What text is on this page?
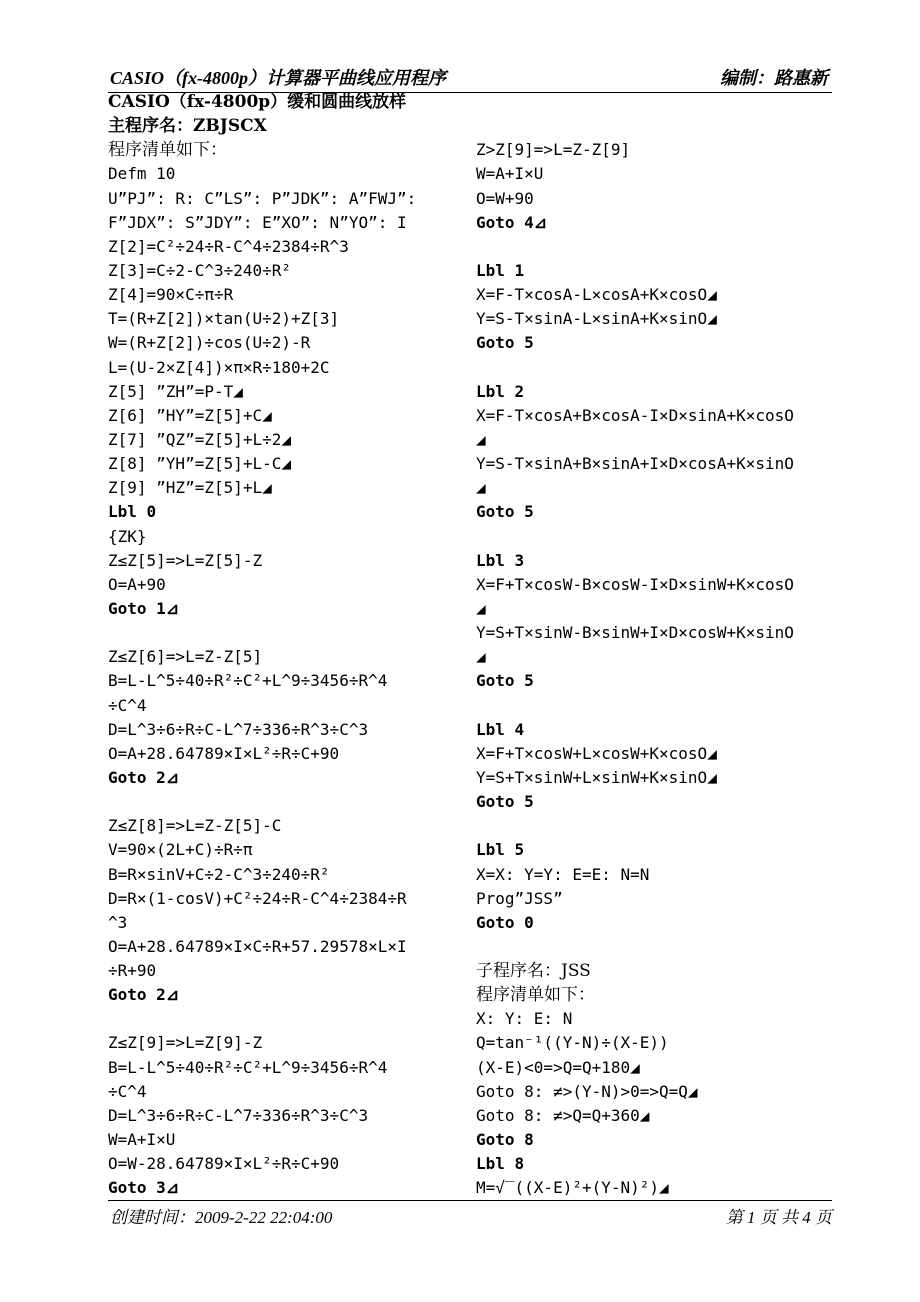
CASIO（fx-4800p）计算器平曲线应用程序	编制：路惠新
CASIO（fx-4800p）缓和圆曲线放样
主程序名：ZBJSCX
程序清单如下：
Defm 10
U”PJ”: R: C”LS”: P”JDK”: A”FWJ”:
F”JDX”: S”JDY”: E”XO”: N”YO”: I
Z[2]=C²÷24÷R-C^4÷2384÷R^3
Z[3]=C÷2-C^3÷240÷R²
Z[4]=90×C÷π÷R
T=(R+Z[2])×tan(U÷2)+Z[3]
W=(R+Z[2])÷cos(U÷2)-R
L=(U-2×Z[4])×π×R÷180+2C
Z[5] ”ZH”=P-T◢
Z[6] ”HY”=Z[5]+C◢
Z[7] ”QZ”=Z[5]+L÷2◢
Z[8] ”YH”=Z[5]+L-C◢
Z[9] ”HZ”=Z[5]+L◢
Lbl 0
{ZK}
Z≤Z[5]=>L=Z[5]-Z
O=A+90
Goto 1⊿
Z≤Z[6]=>L=Z-Z[5]
B=L-L^5÷40÷R²÷C²+L^9÷3456÷R^4
÷C^4
D=L^3÷6÷R÷C-L^7÷336÷R^3÷C^3
O=A+28.64789×I×L²÷R÷C+90
Goto 2⊿
Z≤Z[8]=>L=Z-Z[5]-C
V=90×(2L+C)÷R÷π
B=R×sinV+C÷2-C^3÷240÷R²
D=R×(1-cosV)+C²÷24÷R-C^4÷2384÷R
^3
O=A+28.64789×I×C÷R+57.29578×L×I
÷R+90
Goto 2⊿
Z≤Z[9]=>L=Z[9]-Z
B=L-L^5÷40÷R²÷C²+L^9÷3456÷R^4
÷C^4
D=L^3÷6÷R÷C-L^7÷336÷R^3÷C^3
W=A+I×U
O=W-28.64789×I×L²÷R÷C+90
Goto 3⊿
Z>Z[9]=>L=Z-Z[9]
W=A+I×U
O=W+90
Goto 4⊿
Lbl 1
X=F-T×cosA-L×cosA+K×cosO◢
Y=S-T×sinA-L×sinA+K×sinO◢
Goto 5
Lbl 2
X=F-T×cosA+B×cosA-I×D×sinA+K×cosO
◢
Y=S-T×sinA+B×sinA+I×D×cosA+K×sinO
◢
Goto 5
Lbl 3
X=F+T×cosW-B×cosW-I×D×sinW+K×cosO
◢
Y=S+T×sinW-B×sinW+I×D×cosW+K×sinO
◢
Goto 5
Lbl 4
X=F+T×cosW+L×cosW+K×cosO◢
Y=S+T×sinW+L×sinW+K×sinO◢
Goto 5
Lbl 5
X=X: Y=Y: E=E: N=N
Prog”JSS”
Goto 0
子程序名：JSS
程序清单如下：
X: Y: E: N
Q=tan⁻¹((Y-N)÷(X-E))
(X-E)<0=>Q=Q+180◢
Goto 8: ≠>(Y-N)>0=>Q=Q◢
Goto 8: ≠>Q=Q+360◢
Goto 8
Lbl 8
M=√‾((X-E)²+(Y-N)²)◢
创建时间：2009-2-22 22:04:00	第 1 页 共 4 页
